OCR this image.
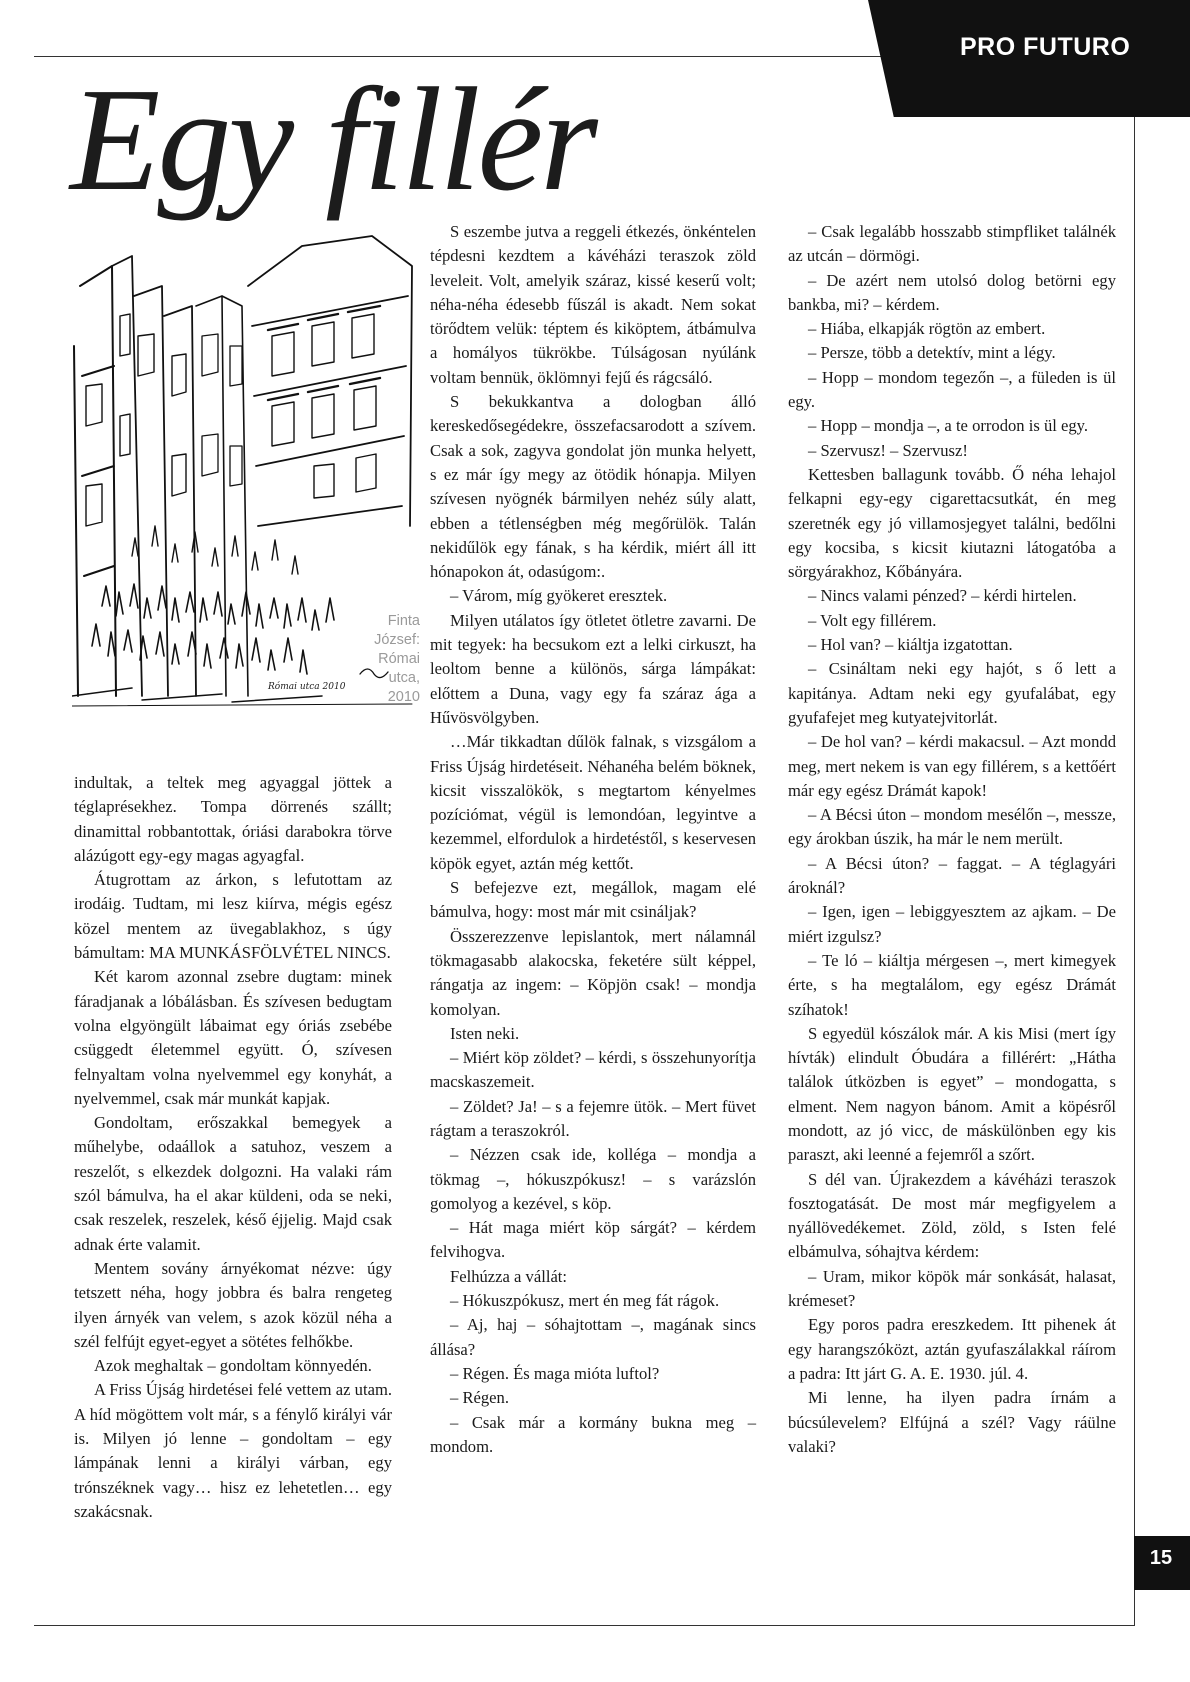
PRO FUTURO
Egy fillér
Római utca 2010
Finta
József:
Római
utca,
2010

indultak, a teltek meg agyaggal jöttek a téglaprésekhez. Tompa dörrenés szállt; dinamittal robbantottak, óriási darabokra törve alázúgott egy-egy magas agyagfal.

Átugrottam az árkon, s lefutottam az irodáig. Tudtam, mi lesz kiírva, mégis egész közel mentem az üvegablakhoz, s úgy bámultam: MA MUNKÁSFÖLVÉTEL NINCS.

Két karom azonnal zsebre dugtam: minek fáradjanak a lóbálásban. És szívesen bedugtam volna elgyöngült lábaimat egy óriás zsebébe csüggedt életemmel együtt. Ó, szívesen felnyaltam volna nyelvemmel egy konyhát, a nyelvemmel, csak már munkát kapjak.

Gondoltam, erőszakkal bemegyek a műhelybe, odaállok a satuhoz, veszem a reszelőt, s elkezdek dolgozni. Ha valaki rám szól bámulva, ha el akar küldeni, oda se neki, csak reszelek, reszelek, késő éjjelig. Majd csak adnak érte valamit.

Mentem sovány árnyékomat nézve: úgy tetszett néha, hogy jobbra és balra rengeteg ilyen árnyék van velem, s azok közül néha a szél felfújt egyet-egyet a sötétes felhőkbe.

Azok meghaltak – gondoltam könnyedén.

A Friss Újság hirdetései felé vettem az utam. A híd mögöttem volt már, s a fénylő királyi vár is. Milyen jó lenne – gondoltam – egy lámpának lenni a királyi várban, egy trónszéknek vagy… hisz ez lehetetlen… egy szakácsnak.

S eszembe jutva a reggeli étkezés, önkéntelen tépdesni kezdtem a kávéházi teraszok zöld leveleit. Volt, amelyik száraz, kissé keserű volt; néha-néha édesebb fűszál is akadt. Nem sokat törődtem velük: téptem és kiköptem, átbámulva a homályos tükrökbe. Túlságosan nyúlánk voltam bennük, öklömnyi fejű és rágcsáló.

S bekukkantva a dologban álló kereskedősegédekre, összefacsarodott a szívem. Csak a sok, zagyva gondolat jön munka helyett, s ez már így megy az ötödik hónapja. Milyen szívesen nyögnék bármilyen nehéz súly alatt, ebben a tétlenségben még megőrülök. Talán nekidűlök egy fának, s ha kérdik, miért áll itt hónapokon át, odasúgom:.

– Várom, míg gyökeret eresztek.

Milyen utálatos így ötletet ötletre zavarni. De mit tegyek: ha becsukom ezt a lelki cirkuszt, ha leoltom benne a különös, sárga lámpákat: előttem a Duna, vagy egy fa száraz ága a Hűvösvölgyben.

…Már tikkadtan dűlök falnak, s vizsgálom a Friss Újság hirdetéseit. Néhanéha belém böknek, kicsit visszalökök, s megtartom kényelmes pozíciómat, végül is lemondóan, legyintve a kezemmel, elfordulok a hirdetéstől, s keservesen köpök egyet, aztán még kettőt.

S befejezve ezt, megállok, magam elé bámulva, hogy: most már mit csináljak?

Összerezzenve lepislantok, mert nálamnál tökmagasabb alakocska, feketére sült képpel, rángatja az ingem: – Köpjön csak! – mondja komolyan.

Isten neki.

– Miért köp zöldet? – kérdi, s összehunyorítja macskaszemeit.

– Zöldet? Ja! – s a fejemre ütök. – Mert füvet rágtam a teraszokról.

– Nézzen csak ide, kolléga – mondja a tökmag –, hókuszpókusz! – s varázslón gomolyog a kezével, s köp.

– Hát maga miért köp sárgát? – kérdem felvihogva.

Felhúzza a vállát:

– Hókuszpókusz, mert én meg fát rágok.

– Aj, haj – sóhajtottam –, magának sincs állása?

– Régen. És maga mióta luftol?

– Régen.

– Csak már a kormány bukna meg – mondom.

– Csak legalább hosszabb stimpfliket találnék az utcán – dörmögi.

– De azért nem utolsó dolog betörni egy bankba, mi? – kérdem.

– Hiába, elkapják rögtön az embert.

– Persze, több a detektív, mint a légy.

– Hopp – mondom tegezőn –, a füleden is ül egy.

– Hopp – mondja –, a te orrodon is ül egy.

– Szervusz! – Szervusz!

Kettesben ballagunk tovább. Ő néha lehajol felkapni egy-egy cigarettacsutkát, én meg szeretnék egy jó villamosjegyet találni, bedőlni egy kocsiba, s kicsit kiutazni látogatóba a sörgyárakhoz, Kőbányára.

– Nincs valami pénzed? – kérdi hirtelen.

– Volt egy fillérem.

– Hol van? – kiáltja izgatottan.

– Csináltam neki egy hajót, s ő lett a kapitánya. Adtam neki egy gyufalábat, egy gyufafejet meg kutyatejvitorlát.

– De hol van? – kérdi makacsul. – Azt mondd meg, mert nekem is van egy fillérem, s a kettőért már egy egész Drámát kapok!

– A Bécsi úton – mondom mesélőn –, messze, egy árokban úszik, ha már le nem merült.

– A Bécsi úton? – faggat. – A téglagyári ároknál?

– Igen, igen – lebiggyesztem az ajkam. – De miért izgulsz?

– Te ló – kiáltja mérgesen –, mert kimegyek érte, s ha megtalálom, egy egész Drámát szíhatok!

S egyedül kószálok már. A kis Misi (mert így hívták) elindult Óbudára a fillérért: „Hátha találok útközben is egyet” – mondogatta, s elment. Nem nagyon bánom. Amit a köpésről mondott, az jó vicc, de máskülönben egy kis paraszt, aki leenné a fejemről a szőrt.

S dél van. Újrakezdem a kávéházi teraszok fosztogatását. De most már megfigyelem a nyállövedékemet. Zöld, zöld, s Isten felé elbámulva, sóhajtva kérdem:

– Uram, mikor köpök már sonkását, halasat, krémeset?

Egy poros padra ereszkedem. Itt pihenek át egy harangszóközt, aztán gyufaszálakkal ráírom a padra: Itt járt G. A. E. 1930. júl. 4.

Mi lenne, ha ilyen padra írnám a búcsúlevelem? Elfújná a szél? Vagy ráülne valaki?

15
